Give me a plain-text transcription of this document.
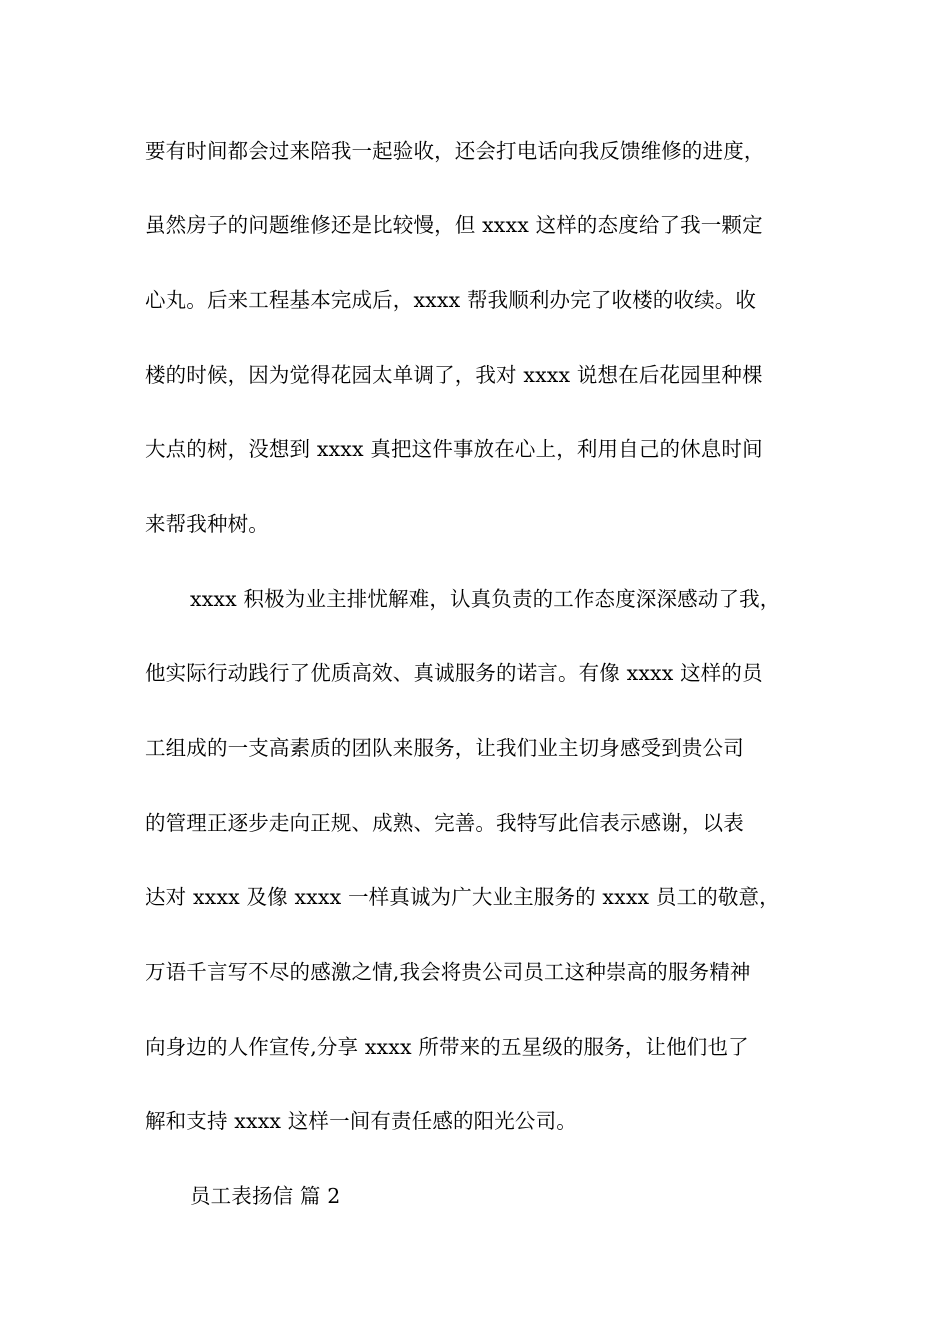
要有时间都会过来陪我一起验收，还会打电话向我反馈维修的进度，
虽然房子的问题维修还是比较慢，但 xxxx 这样的态度给了我一颗定
心丸。后来工程基本完成后，xxxx 帮我顺利办完了收楼的收续。收
楼的时候，因为觉得花园太单调了，我对 xxxx 说想在后花园里种棵
大点的树，没想到 xxxx 真把这件事放在心上，利用自己的休息时间
来帮我种树。
xxxx 积极为业主排忧解难，认真负责的工作态度深深感动了我，
他实际行动践行了优质高效、真诚服务的诺言。有像 xxxx 这样的员
工组成的一支高素质的团队来服务，让我们业主切身感受到贵公司
的管理正逐步走向正规、成熟、完善。我特写此信表示感谢，以表
达对 xxxx 及像 xxxx 一样真诚为广大业主服务的 xxxx 员工的敬意，
万语千言写不尽的感激之情,我会将贵公司员工这种崇高的服务精神
向身边的人作宣传,分享 xxxx 所带来的五星级的服务，让他们也了
解和支持 xxxx 这样一间有责任感的阳光公司。
员工表扬信 篇 2
